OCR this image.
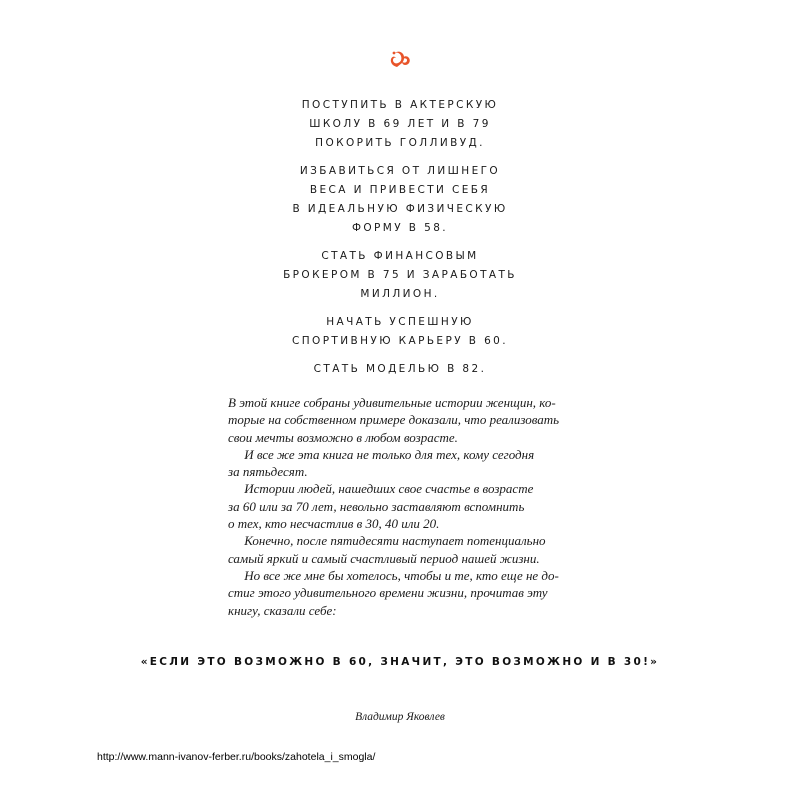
ПОСТУПИТЬ В АКТЕРСКУЮ
ШКОЛУ В 69 ЛЕТ И В 79
ПОКОРИТЬ ГОЛЛИВУД.

ИЗБАВИТЬСЯ ОТ ЛИШНЕГО
ВЕСА И ПРИВЕСТИ СЕБЯ
В ИДЕАЛЬНУЮ ФИЗИЧЕСКУЮ
ФОРМУ В 58.

СТАТЬ ФИНАНСОВЫМ
БРОКЕРОМ В 75 И ЗАРАБОТАТЬ
МИЛЛИОН.

НАЧАТЬ УСПЕШНУЮ
СПОРТИВНУЮ КАРЬЕРУ В 60.

СТАТЬ МОДЕЛЬЮ В 82.

В этой книге собраны удивительные истории женщин, ко-
торые на собственном примере доказали, что реализовать
свои мечты возможно в любом возрасте.

И все же эта книга не только для тех, кому сегодня
за пятьдесят.

Истории людей, нашедших свое счастье в возрасте
за 60 или за 70 лет, невольно заставляют вспомнить
о тех, кто несчастлив в 30, 40 или 20.

Конечно, после пятидесяти наступает потенциально
самый яркий и самый счастливый период нашей жизни.

Но все же мне бы хотелось, чтобы и те, кто еще не до-
стиг этого удивительного времени жизни, прочитав эту
книгу, сказали себе:

«ЕСЛИ ЭТО ВОЗМОЖНО В 60, ЗНАЧИТ, ЭТО ВОЗМОЖНО И В 30!»
Владимир Яковлев
http://www.mann-ivanov-ferber.ru/books/zahotela_i_smogla/
